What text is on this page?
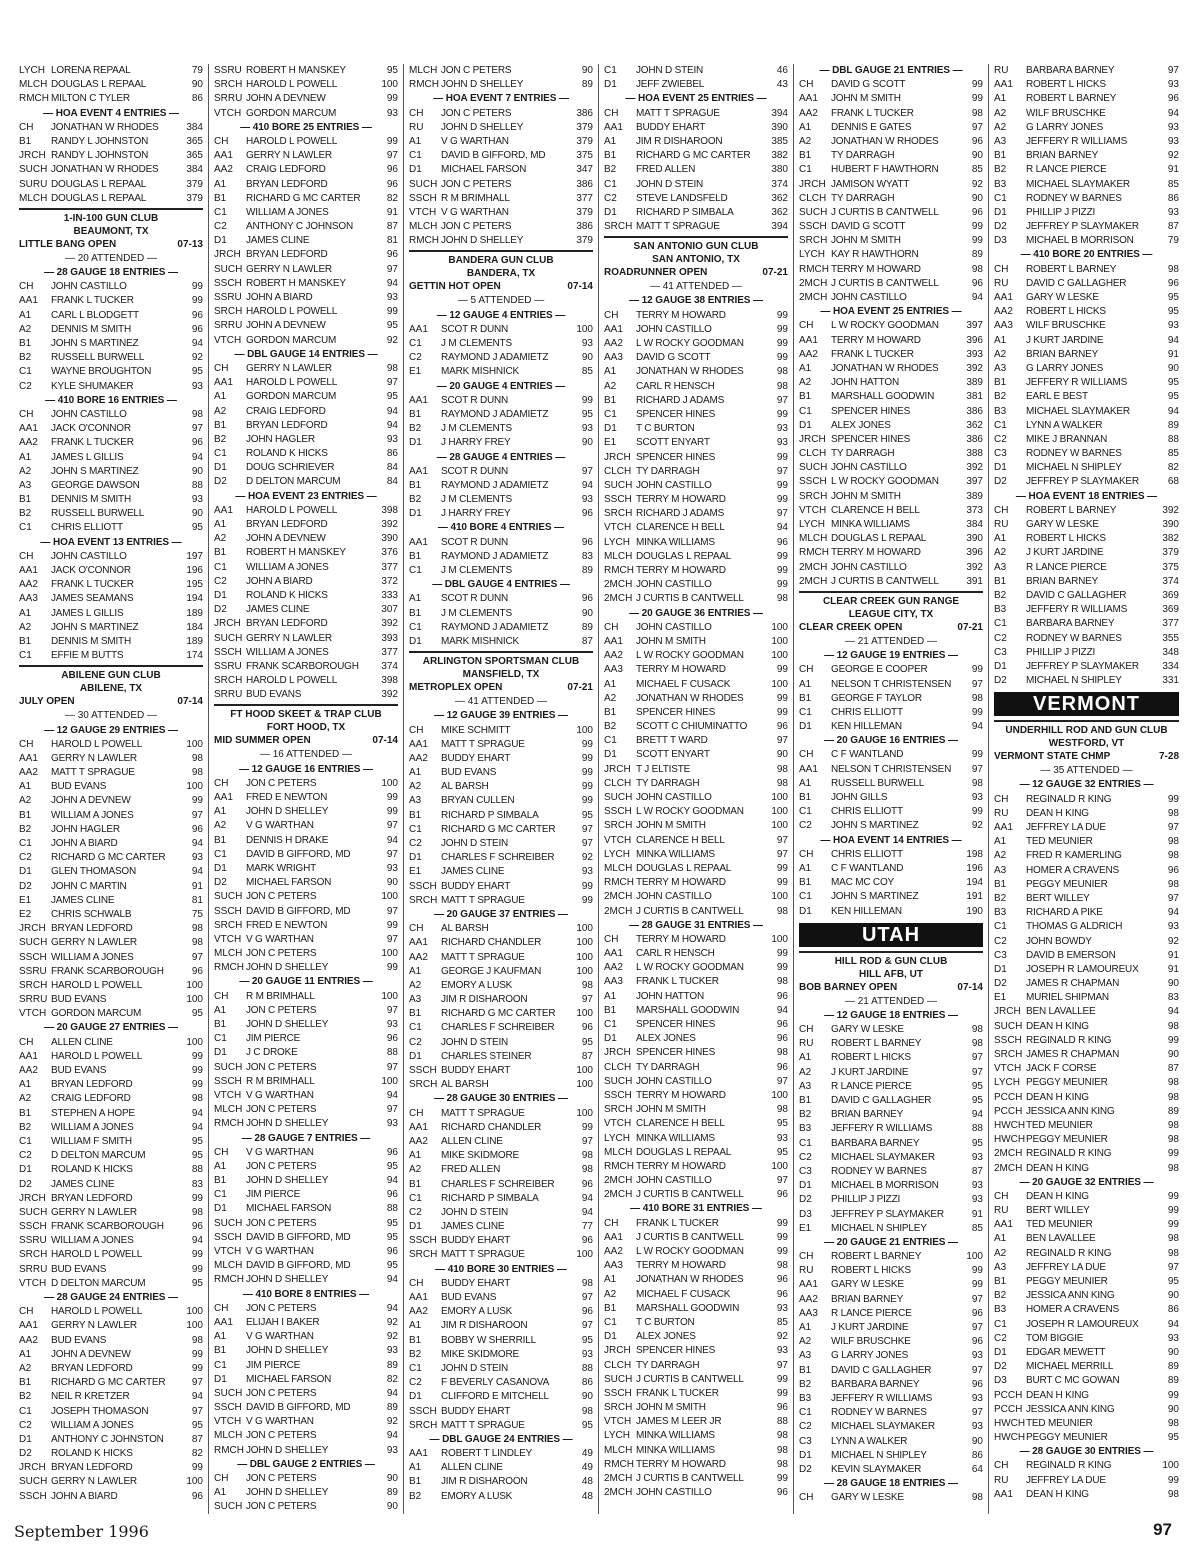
LYCH LORENA REPAAL	79
MLCH DOUGLAS L REPAAL	90
RMCH MILTON C TYLER	86
— HOA EVENT 4 ENTRIES —
CH	JONATHAN W RHODES	384
B1	RANDY L JOHNSTON	365
JRCH RANDY L JOHNSTON	365
SUCH JONATHAN W RHODES	384
SURU DOUGLAS L REPAAL	379
MLCH DOUGLAS L REPAAL	379
1-IN-100 GUN CLUB
BEAUMONT, TX
LITTLE BANG OPEN	07-13
— 20 ATTENDED —
— 28 GAUGE 18 ENTRIES —
CH	JOHN CASTILLO	99
AA1	FRANK L TUCKER	99
A1	CARL L BLODGETT	96
A2	DENNIS M SMITH	96
B1	JOHN S MARTINEZ	94
B2	RUSSELL BURWELL	92
C1	WAYNE BROUGHTON	95
C2	KYLE SHUMAKER	93
— 410 BORE 16 ENTRIES —
CH	JOHN CASTILLO	98
AA1	JACK O'CONNOR	97
AA2	FRANK L TUCKER	96
A1	JAMES L GILLIS	94
A2	JOHN S MARTINEZ	90
A3	GEORGE DAWSON	88
B1	DENNIS M SMITH	93
B2	RUSSELL BURWELL	90
C1	CHRIS ELLIOTT	95
— HOA EVENT 13 ENTRIES —
CH	JOHN CASTILLO	197
AA1	JACK O'CONNOR	196
AA2	FRANK L TUCKER	195
AA3	JAMES SEAMANS	194
A1	JAMES L GILLIS	189
A2	JOHN S MARTINEZ	184
B1	DENNIS M SMITH	189
C1	EFFIE M BUTTS	174
ABILENE GUN CLUB
ABILENE, TX
JULY OPEN	07-14
— 30 ATTENDED —
— 12 GAUGE 29 ENTRIES —
CH	HAROLD L POWELL	100
AA1	GERRY N LAWLER	98
AA2	MATT T SPRAGUE	98
A1	BUD EVANS	100
A2	JOHN A DEVNEW	99
B1	WILLIAM A JONES	97
B2	JOHN HAGLER	96
C1	JOHN A BIARD	94
C2	RICHARD G MC CARTER	93
D1	GLEN THOMASON	94
D2	JOHN C MARTIN	91
E1	JAMES CLINE	81
E2	CHRIS SCHWALB	75
JRCH BRYAN LEDFORD	98
SUCH GERRY N LAWLER	98
SSCH WILLIAM A JONES	97
SSRU FRANK SCARBOROUGH	96
SRCH HAROLD L POWELL	100
SRRU BUD EVANS	100
VTCH GORDON MARCUM	95
— 20 GAUGE 27 ENTRIES —
CH	ALLEN CLINE	100
AA1	HAROLD L POWELL	99
AA2	BUD EVANS	99
A1	BRYAN LEDFORD	99
A2	CRAIG LEDFORD	98
B1	STEPHEN A HOPE	94
B2	WILLIAM A JONES	94
C1	WILLIAM F SMITH	95
C2	D DELTON MARCUM	95
D1	ROLAND K HICKS	88
D2	JAMES CLINE	83
JRCH BRYAN LEDFORD	99
SUCH GERRY N LAWLER	98
SSCH FRANK SCARBOROUGH	96
SSRU WILLIAM A JONES	94
SRCH HAROLD L POWELL	99
SRRU BUD EVANS	99
VTCH D DELTON MARCUM	95
— 28 GAUGE 24 ENTRIES —
CH	HAROLD L POWELL	100
AA1	GERRY N LAWLER	100
AA2	BUD EVANS	98
A1	JOHN A DEVNEW	99
A2	BRYAN LEDFORD	99
B1	RICHARD G MC CARTER	97
B2	NEIL R KRETZER	94
C1	JOSEPH THOMASON	97
C2	WILLIAM A JONES	95
D1	ANTHONY C JOHNSTON	87
D2	ROLAND K HICKS	82
JRCH BRYAN LEDFORD	99
SUCH GERRY N LAWLER	100
SSCH JOHN A BIARD	96
SSRU ROBERT H MANSKEY	95
SRCH HAROLD L POWELL	100
SRRU JOHN A DEVNEW	99
VTCH GORDON MARCUM	93
— 410 BORE 25 ENTRIES —
CH	HAROLD L POWELL	99
AA1	GERRY N LAWLER	97
AA2	CRAIG LEDFORD	96
A1	BRYAN LEDFORD	96
B1	RICHARD G MC CARTER	82
C1	WILLIAM A JONES	91
C2	ANTHONY C JOHNSON	87
D1	JAMES CLINE	81
JRCH BRYAN LEDFORD	96
SUCH GERRY N LAWLER	97
SSCH ROBERT H MANSKEY	94
SSRU JOHN A BIARD	93
SRCH HAROLD L POWELL	99
SRRU JOHN A DEVNEW	95
VTCH GORDON MARCUM	92
— DBL GAUGE 14 ENTRIES —
CH	GERRY N LAWLER	98
AA1	HAROLD L POWELL	97
A1	GORDON MARCUM	95
A2	CRAIG LEDFORD	94
B1	BRYAN LEDFORD	94
B2	JOHN HAGLER	93
C1	ROLAND K HICKS	86
D1	DOUG SCHRIEVER	84
D2	D DELTON MARCUM	84
— HOA EVENT 23 ENTRIES —
AA1	HAROLD L POWELL	398
A1	BRYAN LEDFORD	392
A2	JOHN A DEVNEW	390
B1	ROBERT H MANSKEY	376
C1	WILLIAM A JONES	377
C2	JOHN A BIARD	372
D1	ROLAND K HICKS	333
D2	JAMES CLINE	307
JRCH BRYAN LEDFORD	392
SUCH GERRY N LAWLER	393
SSCH WILLIAM A JONES	377
SSRU FRANK SCARBOROUGH	374
SRCH HAROLD L POWELL	398
SRRU BUD EVANS	392
FT HOOD SKEET & TRAP CLUB
FORT HOOD, TX
MID SUMMER OPEN	07-14
— 16 ATTENDED —
— 12 GAUGE 16 ENTRIES —
CH	JON C PETERS	100
AA1	FRED E NEWTON	99
A1	JOHN D SHELLEY	99
A2	V G WARTHAN	97
B1	DENNIS H DRAKE	94
C1	DAVID B GIFFORD, MD	97
D1	MARK WRIGHT	93
D2	MICHAEL FARSON	90
SUCH JON C PETERS	100
SSCH DAVID B GIFFORD, MD	97
SRCH FRED E NEWTON	99
VTCH V G WARTHAN	97
MLCH JON C PETERS	100
RMCH JOHN D SHELLEY	99
— 20 GAUGE 11 ENTRIES —
CH	R M BRIMHALL	100
A1	JON C PETERS	97
B1	JOHN D SHELLEY	93
C1	JIM PIERCE	96
D1	J C DROKE	88
SUCH JON C PETERS	97
SSCH R M BRIMHALL	100
VTCH V G WARTHAN	94
MLCH JON C PETERS	97
RMCH JOHN D SHELLEY	93
— 28 GAUGE 7 ENTRIES —
CH	V G WARTHAN	96
A1	JON C PETERS	95
B1	JOHN D SHELLEY	94
C1	JIM PIERCE	96
D1	MICHAEL FARSON	88
SUCH JON C PETERS	95
SSCH DAVID B GIFFORD, MD	95
VTCH V G WARTHAN	96
MLCH DAVID B GIFFORD, MD	95
RMCH JOHN D SHELLEY	94
— 410 BORE 8 ENTRIES —
CH	JON C PETERS	94
AA1	ELIJAH I BAKER	92
A1	V G WARTHAN	92
B1	JOHN D SHELLEY	93
C1	JIM PIERCE	89
D1	MICHAEL FARSON	82
SUCH JON C PETERS	94
SSCH DAVID B GIFFORD, MD	89
VTCH V G WARTHAN	92
MLCH JON C PETERS	94
RMCH JOHN D SHELLEY	93
— DBL GAUGE 2 ENTRIES —
CH	JON C PETERS	90
A1	JOHN D SHELLEY	89
SUCH JON C PETERS	90
MLCH JON C PETERS	90
RMCH JOHN D SHELLEY	89
— HOA EVENT 7 ENTRIES —
CH	JON C PETERS	386
RU	JOHN D SHELLEY	379
A1	V G WARTHAN	379
C1	DAVID B GIFFORD, MD	375
D1	MICHAEL FARSON	347
SUCH JON C PETERS	386
SSCH R M BRIMHALL	377
VTCH V G WARTHAN	379
MLCH JON C PETERS	386
RMCH JOHN D SHELLEY	379
BANDERA GUN CLUB
BANDERA, TX
GETTIN HOT OPEN	07-14
— 5 ATTENDED —
— 12 GAUGE 4 ENTRIES —
AA1	SCOT R DUNN	100
C1	J M CLEMENTS	93
C2	RAYMOND J ADAMIETZ	90
E1	MARK MISHNICK	85
— 20 GAUGE 4 ENTRIES —
AA1	SCOT R DUNN	99
B1	RAYMOND J ADAMIETZ	95
B2	J M CLEMENTS	93
D1	J HARRY FREY	90
— 28 GAUGE 4 ENTRIES —
AA1	SCOT R DUNN	97
B1	RAYMOND J ADAMIETZ	94
B2	J M CLEMENTS	93
D1	J HARRY FREY	96
— 410 BORE 4 ENTRIES —
AA1	SCOT R DUNN	96
B1	RAYMOND J ADAMIETZ	83
C1	J M CLEMENTS	89
— DBL GAUGE 4 ENTRIES —
A1	SCOT R DUNN	96
B1	J M CLEMENTS	90
C1	RAYMOND J ADAMIETZ	89
D1	MARK MISHNICK	87
ARLINGTON SPORTSMAN CLUB
MANSFIELD, TX
METROPLEX OPEN	07-21
— 41 ATTENDED —
— 12 GAUGE 39 ENTRIES —
CH	MIKE SCHMITT	100
AA1	MATT T SPRAGUE	99
AA2	BUDDY EHART	99
A1	BUD EVANS	99
A2	AL BARSH	99
A3	BRYAN CULLEN	99
B1	RICHARD P SIMBALA	95
C1	RICHARD G MC CARTER	97
C2	JOHN D STEIN	97
D1	CHARLES F SCHREIBER	92
E1	JAMES CLINE	93
SSCH BUDDY EHART	99
SRCH MATT T SPRAGUE	99
— 20 GAUGE 37 ENTRIES —
CH	AL BARSH	100
AA1	RICHARD CHANDLER	100
AA2	MATT T SPRAGUE	100
A1	GEORGE J KAUFMAN	100
A2	EMORY A LUSK	98
A3	JIM R DISHAROON	97
B1	RICHARD G MC CARTER	100
C1	CHARLES F SCHREIBER	96
C2	JOHN D STEIN	95
D1	CHARLES STEINER	87
SSCH BUDDY EHART	100
SRCH AL BARSH	100
— 28 GAUGE 30 ENTRIES —
CH	MATT T SPRAGUE	100
AA1	RICHARD CHANDLER	99
AA2	ALLEN CLINE	97
A1	MIKE SKIDMORE	98
A2	FRED ALLEN	98
B1	CHARLES F SCHREIBER	96
C1	RICHARD P SIMBALA	94
C2	JOHN D STEIN	94
D1	JAMES CLINE	77
SSCH BUDDY EHART	96
SRCH MATT T SPRAGUE	100
— 410 BORE 30 ENTRIES —
CH	BUDDY EHART	98
AA1	BUD EVANS	97
AA2	EMORY A LUSK	96
A1	JIM R DISHAROON	97
B1	BOBBY W SHERRILL	95
B2	MIKE SKIDMORE	93
C1	JOHN D STEIN	88
C2	F BEVERLY CASANOVA	86
D1	CLIFFORD E MITCHELL	90
SSCH BUDDY EHART	98
SRCH MATT T SPRAGUE	95
— DBL GAUGE 24 ENTRIES —
AA1	ROBERT T LINDLEY	49
A1	ALLEN CLINE	49
B1	JIM R DISHAROON	48
B2	EMORY A LUSK	48
C1	JOHN D STEIN	46
D1	JEFF ZWIEBEL	43
— HOA EVENT 25 ENTRIES —
CH	MATT T SPRAGUE	394
AA1	BUDDY EHART	390
A1	JIM R DISHAROON	385
B1	RICHARD G MC CARTER	382
B2	FRED ALLEN	380
C1	JOHN D STEIN	374
C2	STEVE LANDSFELD	362
D1	RICHARD P SIMBALA	362
SRCH MATT T SPRAGUE	394
SAN ANTONIO GUN CLUB
SAN ANTONIO, TX
ROADRUNNER OPEN	07-21
— 41 ATTENDED —
— 12 GAUGE 38 ENTRIES —
CH	TERRY M HOWARD	99
AA1	JOHN CASTILLO	99
AA2	L W ROCKY GOODMAN	99
AA3	DAVID G SCOTT	99
A1	JONATHAN W RHODES	98
A2	CARL R HENSCH	98
B1	RICHARD J ADAMS	97
C1	SPENCER HINES	99
D1	T C BURTON	93
E1	SCOTT ENYART	93
JRCH SPENCER HINES	99
CLCH TY DARRAGH	97
SUCH JOHN CASTILLO	99
SSCH TERRY M HOWARD	99
SRCH RICHARD J ADAMS	97
VTCH CLARENCE H BELL	94
LYCH MINKA WILLIAMS	96
MLCH DOUGLAS L REPAAL	99
RMCH TERRY M HOWARD	99
2MCH JOHN CASTILLO	99
2MCH J CURTIS B CANTWELL	98
— 20 GAUGE 36 ENTRIES —
CH	JOHN CASTILLO	100
AA1	JOHN M SMITH	100
AA2	L W ROCKY GOODMAN	100
AA3	TERRY M HOWARD	99
A1	MICHAEL F CUSACK	100
A2	JONATHAN W RHODES	99
B1	SPENCER HINES	99
B2	SCOTT C CHIUMINATTO	96
C1	BRETT T WARD	97
D1	SCOTT ENYART	90
JRCH T J ELTISTE	98
CLCH TY DARRAGH	98
SUCH JOHN CASTILLO	100
SSCH L W ROCKY GOODMAN	100
SRCH JOHN M SMITH	100
VTCH CLARENCE H BELL	97
LYCH MINKA WILLIAMS	97
MLCH DOUGLAS L REPAAL	99
RMCH TERRY M HOWARD	99
2MCH JOHN CASTILLO	100
2MCH J CURTIS B CANTWELL	98
— 28 GAUGE 31 ENTRIES —
CH	TERRY M HOWARD	100
AA1	CARL R HENSCH	99
AA2	L W ROCKY GOODMAN	99
AA3	FRANK L TUCKER	98
A1	JOHN HATTON	96
B1	MARSHALL GOODWIN	94
C1	SPENCER HINES	96
D1	ALEX JONES	96
JRCH SPENCER HINES	98
CLCH TY DARRAGH	96
SUCH JOHN CASTILLO	97
SSCH TERRY M HOWARD	100
SRCH JOHN M SMITH	98
VTCH CLARENCE H BELL	95
LYCH MINKA WILLIAMS	93
MLCH DOUGLAS L REPAAL	95
RMCH TERRY M HOWARD	100
2MCH JOHN CASTILLO	97
2MCH J CURTIS B CANTWELL	96
— 410 BORE 31 ENTRIES —
CH	FRANK L TUCKER	99
AA1	J CURTIS B CANTWELL	99
AA2	L W ROCKY GOODMAN	99
AA3	TERRY M HOWARD	98
A1	JONATHAN W RHODES	96
A2	MICHAEL F CUSACK	96
B1	MARSHALL GOODWIN	93
C1	T C BURTON	85
D1	ALEX JONES	92
JRCH SPENCER HINES	93
CLCH TY DARRAGH	97
SUCH J CURTIS B CANTWELL	99
SSCH FRANK L TUCKER	99
SRCH JOHN M SMITH	96
VTCH JAMES M LEER JR	88
LYCH MINKA WILLIAMS	98
MLCH MINKA WILLIAMS	98
RMCH TERRY M HOWARD	98
2MCH J CURTIS B CANTWELL	99
2MCH JOHN CASTILLO	96
— DBL GAUGE 21 ENTRIES —
CH	DAVID G SCOTT	99
AA1	JOHN M SMITH	99
AA2	FRANK L TUCKER	98
A1	DENNIS E GATES	97
A2	JONATHAN W RHODES	96
B1	TY DARRAGH	90
C1	HUBERT F HAWTHORN	85
JRCH JAMISON WYATT	92
CLCH TY DARRAGH	90
SUCH J CURTIS B CANTWELL	96
SSCH DAVID G SCOTT	99
SRCH JOHN M SMITH	99
LYCH KAY R HAWTHORN	89
RMCH TERRY M HOWARD	98
2MCH J CURTIS B CANTWELL	96
2MCH JOHN CASTILLO	94
— HOA EVENT 25 ENTRIES —
CH	L W ROCKY GOODMAN	397
AA1	TERRY M HOWARD	396
AA2	FRANK L TUCKER	393
A1	JONATHAN W RHODES	392
A2	JOHN HATTON	389
B1	MARSHALL GOODWIN	381
C1	SPENCER HINES	386
D1	ALEX JONES	362
JRCH SPENCER HINES	386
CLCH TY DARRAGH	388
SUCH JOHN CASTILLO	392
SSCH L W ROCKY GOODMAN	397
SRCH JOHN M SMITH	389
VTCH CLARENCE H BELL	373
LYCH MINKA WILLIAMS	384
MLCH DOUGLAS L REPAAL	390
RMCH TERRY M HOWARD	396
2MCH JOHN CASTILLO	392
2MCH J CURTIS B CANTWELL	391
CLEAR CREEK GUN RANGE
LEAGUE CITY, TX
CLEAR CREEK OPEN	07-21
— 21 ATTENDED —
— 12 GAUGE 19 ENTRIES —
CH	GEORGE E COOPER	99
A1	NELSON T CHRISTENSEN	97
B1	GEORGE F TAYLOR	98
C1	CHRIS ELLIOTT	99
D1	KEN HILLEMAN	94
— 20 GAUGE 16 ENTRIES —
CH	C F WANTLAND	99
AA1	NELSON T CHRISTENSEN	97
A1	RUSSELL BURWELL	98
B1	JOHN GILLS	93
C1	CHRIS ELLIOTT	99
C2	JOHN S MARTINEZ	92
— HOA EVENT 14 ENTRIES —
CH	CHRIS ELLIOTT	198
A1	C F WANTLAND	196
B1	MAC MC COY	194
C1	JOHN S MARTINEZ	191
D1	KEN HILLEMAN	190
UTAH
HILL ROD & GUN CLUB
HILL AFB, UT
BOB BARNEY OPEN	07-14
— 21 ATTENDED —
— 12 GAUGE 18 ENTRIES —
CH	GARY W LESKE	98
RU	ROBERT L BARNEY	98
A1	ROBERT L HICKS	97
A2	J KURT JARDINE	97
A3	R LANCE PIERCE	95
B1	DAVID C GALLAGHER	95
B2	BRIAN BARNEY	94
B3	JEFFERY R WILLIAMS	88
C1	BARBARA BARNEY	95
C2	MICHAEL SLAYMAKER	93
C3	RODNEY W BARNES	87
D1	MICHAEL B MORRISON	93
D2	PHILLIP J PIZZI	93
D3	JEFFREY P SLAYMAKER	91
E1	MICHAEL N SHIPLEY	85
— 20 GAUGE 21 ENTRIES —
CH	ROBERT L BARNEY	100
RU	ROBERT L HICKS	99
AA1	GARY W LESKE	99
AA2	BRIAN BARNEY	97
AA3	R LANCE PIERCE	96
A1	J KURT JARDINE	97
A2	WILF BRUSCHKE	96
A3	G LARRY JONES	93
B1	DAVID C GALLAGHER	97
B2	BARBARA BARNEY	96
B3	JEFFERY R WILLIAMS	93
C1	RODNEY W BARNES	97
C2	MICHAEL SLAYMAKER	93
C3	LYNN A WALKER	90
D1	MICHAEL N SHIPLEY	86
D2	KEVIN SLAYMAKER	64
— 28 GAUGE 18 ENTRIES —
CH	GARY W LESKE	98
RU	BARBARA BARNEY	97
AA1	ROBERT L HICKS	93
A1	ROBERT L BARNEY	96
A2	WILF BRUSCHKE	94
A2	G LARRY JONES	93
A3	JEFFERY R WILLIAMS	93
B1	BRIAN BARNEY	92
B2	R LANCE PIERCE	91
B3	MICHAEL SLAYMAKER	85
C1	RODNEY W BARNES	86
D1	PHILLIP J PIZZI	93
D2	JEFFREY P SLAYMAKER	87
D3	MICHAEL B MORRISON	79
— 410 BORE 20 ENTRIES —
CH	ROBERT L BARNEY	98
RU	DAVID C GALLAGHER	96
AA1	GARY W LESKE	95
AA2	ROBERT L HICKS	95
AA3	WILF BRUSCHKE	93
A1	J KURT JARDINE	94
A2	BRIAN BARNEY	91
A3	G LARRY JONES	90
B1	JEFFERY R WILLIAMS	95
B2	EARL E BEST	95
B3	MICHAEL SLAYMAKER	94
C1	LYNN A WALKER	89
C2	MIKE J BRANNAN	88
C3	RODNEY W BARNES	85
D1	MICHAEL N SHIPLEY	82
D2	JEFFREY P SLAYMAKER	68
— HOA EVENT 18 ENTRIES —
CH	ROBERT L BARNEY	392
RU	GARY W LESKE	390
A1	ROBERT L HICKS	382
A2	J KURT JARDINE	379
A3	R LANCE PIERCE	375
B1	BRIAN BARNEY	374
B2	DAVID C GALLAGHER	369
B3	JEFFERY R WILLIAMS	369
C1	BARBARA BARNEY	377
C2	RODNEY W BARNES	355
C3	PHILLIP J PIZZI	348
D1	JEFFREY P SLAYMAKER	334
D2	MICHAEL N SHIPLEY	331
VERMONT
UNDERHILL ROD AND GUN CLUB
WESTFORD, VT
VERMONT STATE CHMP	7-28
— 35 ATTENDED —
— 12 GAUGE 32 ENTRIES —
CH	REGINALD R KING	99
RU	DEAN H KING	98
AA1	JEFFREY LA DUE	97
A1	TED MEUNIER	98
A2	FRED R KAMERLING	98
A3	HOMER A CRAVENS	96
B1	PEGGY MEUNIER	98
B2	BERT WILLEY	97
B3	RICHARD A PIKE	94
C1	THOMAS G ALDRICH	93
C2	JOHN BOWDY	92
C3	DAVID B EMERSON	91
D1	JOSEPH R LAMOUREUX	91
D2	JAMES R CHAPMAN	90
E1	MURIEL SHIPMAN	83
JRCH BEN LAVALLEE	94
SUCH DEAN H KING	98
SSCH REGINALD R KING	99
SRCH JAMES R CHAPMAN	90
VTCH JACK F CORSE	87
LYCH PEGGY MEUNIER	98
PCCH DEAN H KING	98
PCCH JESSICA ANN KING	89
HWCH TED MEUNIER	98
HWCH PEGGY MEUNIER	98
2MCH REGINALD R KING	99
2MCH DEAN H KING	98
— 20 GAUGE 32 ENTRIES —
CH	DEAN H KING	99
RU	BERT WILLEY	99
AA1	TED MEUNIER	99
A1	BEN LAVALLEE	98
A2	REGINALD R KING	98
A3	JEFFREY LA DUE	97
B1	PEGGY MEUNIER	95
B2	JESSICA ANN KING	90
B3	HOMER A CRAVENS	86
C1	JOSEPH R LAMOUREUX	94
C2	TOM BIGGIE	93
D1	EDGAR MEWETT	90
D2	MICHAEL MERRILL	89
D3	BURT C MC GOWAN	89
PCCH DEAN H KING	99
PCCH JESSICA ANN KING	90
HWCH TED MEUNIER	98
HWCH PEGGY MEUNIER	95
— 28 GAUGE 30 ENTRIES —
CH	REGINALD R KING	100
RU	JEFFREY LA DUE	99
AA1	DEAN H KING	98
September 1996	97
